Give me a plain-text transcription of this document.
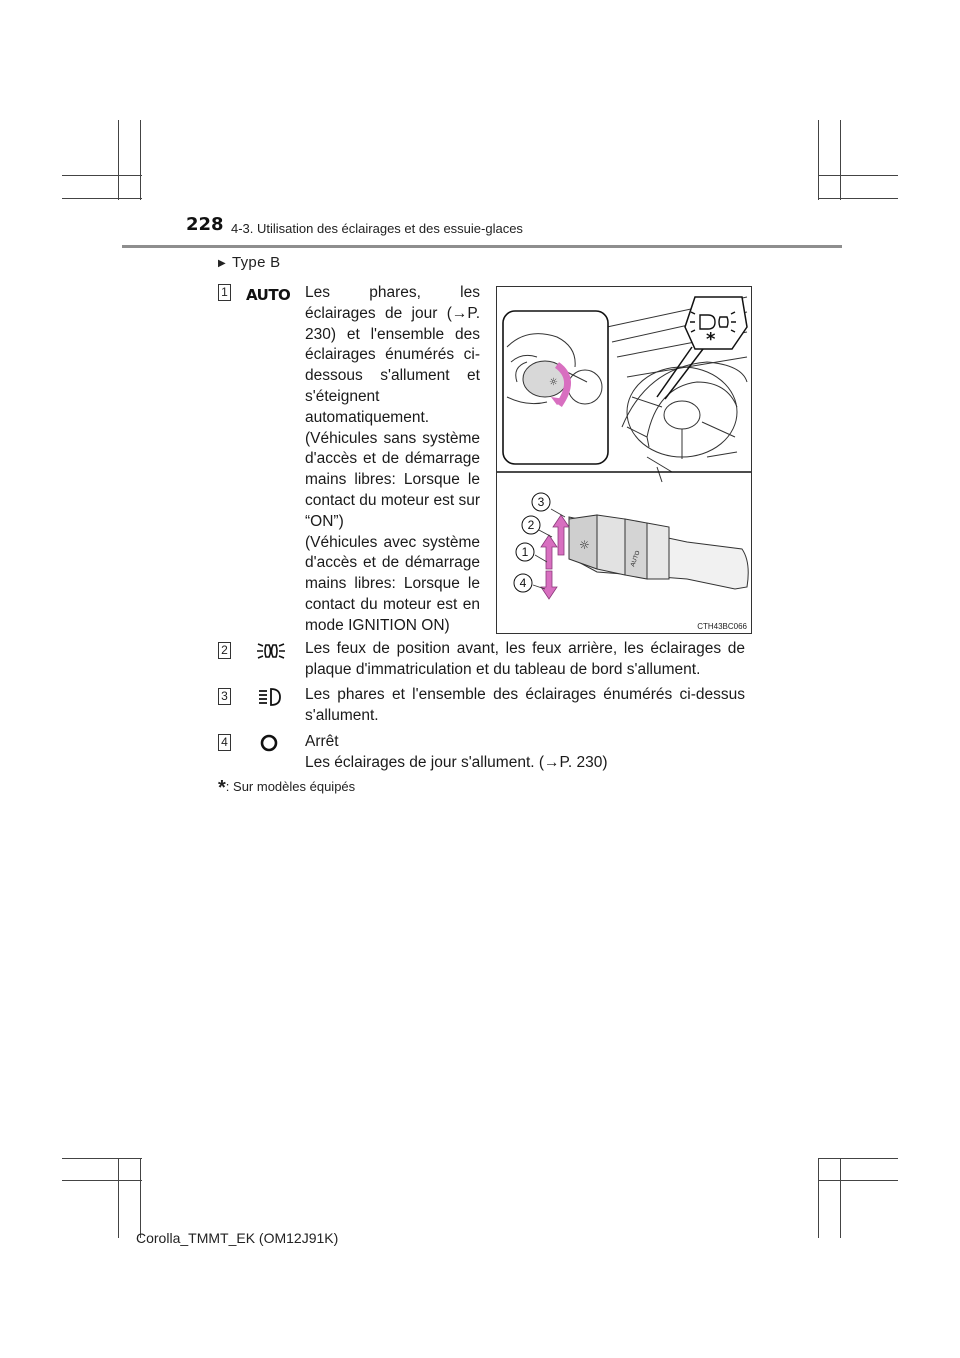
228 4-3. Utilisation des éclairages et des essuie-glaces
▶ Type B
1 AUTO Les phares, les éclairages de jour (→P. 230) et l'ensemble des éclairages énumérés ci-dessous s'allument et s'éteignent automatiquement.

(Véhicules sans système d'accès et de démarrage mains libres: Lorsque le contact du moteur est sur “ON”)

(Véhicules avec système d'accès et de démarrage mains libres: Lorsque le contact du moteur est en mode IGNITION ON)

*
☼
☼
AUTO
3
2
1
4
CTH43BC066
2	Les feux de position avant, les feux arrière, les éclairages de plaque d'immatriculation et du tableau de bord s'allument.

3	Les phares et l'ensemble des éclairages énumérés ci-dessus s'allument.

4	Arrêt

Les éclairages de jour s'allument. (→P. 230)

*: Sur modèles équipés
Corolla_TMMT_EK (OM12J91K)
